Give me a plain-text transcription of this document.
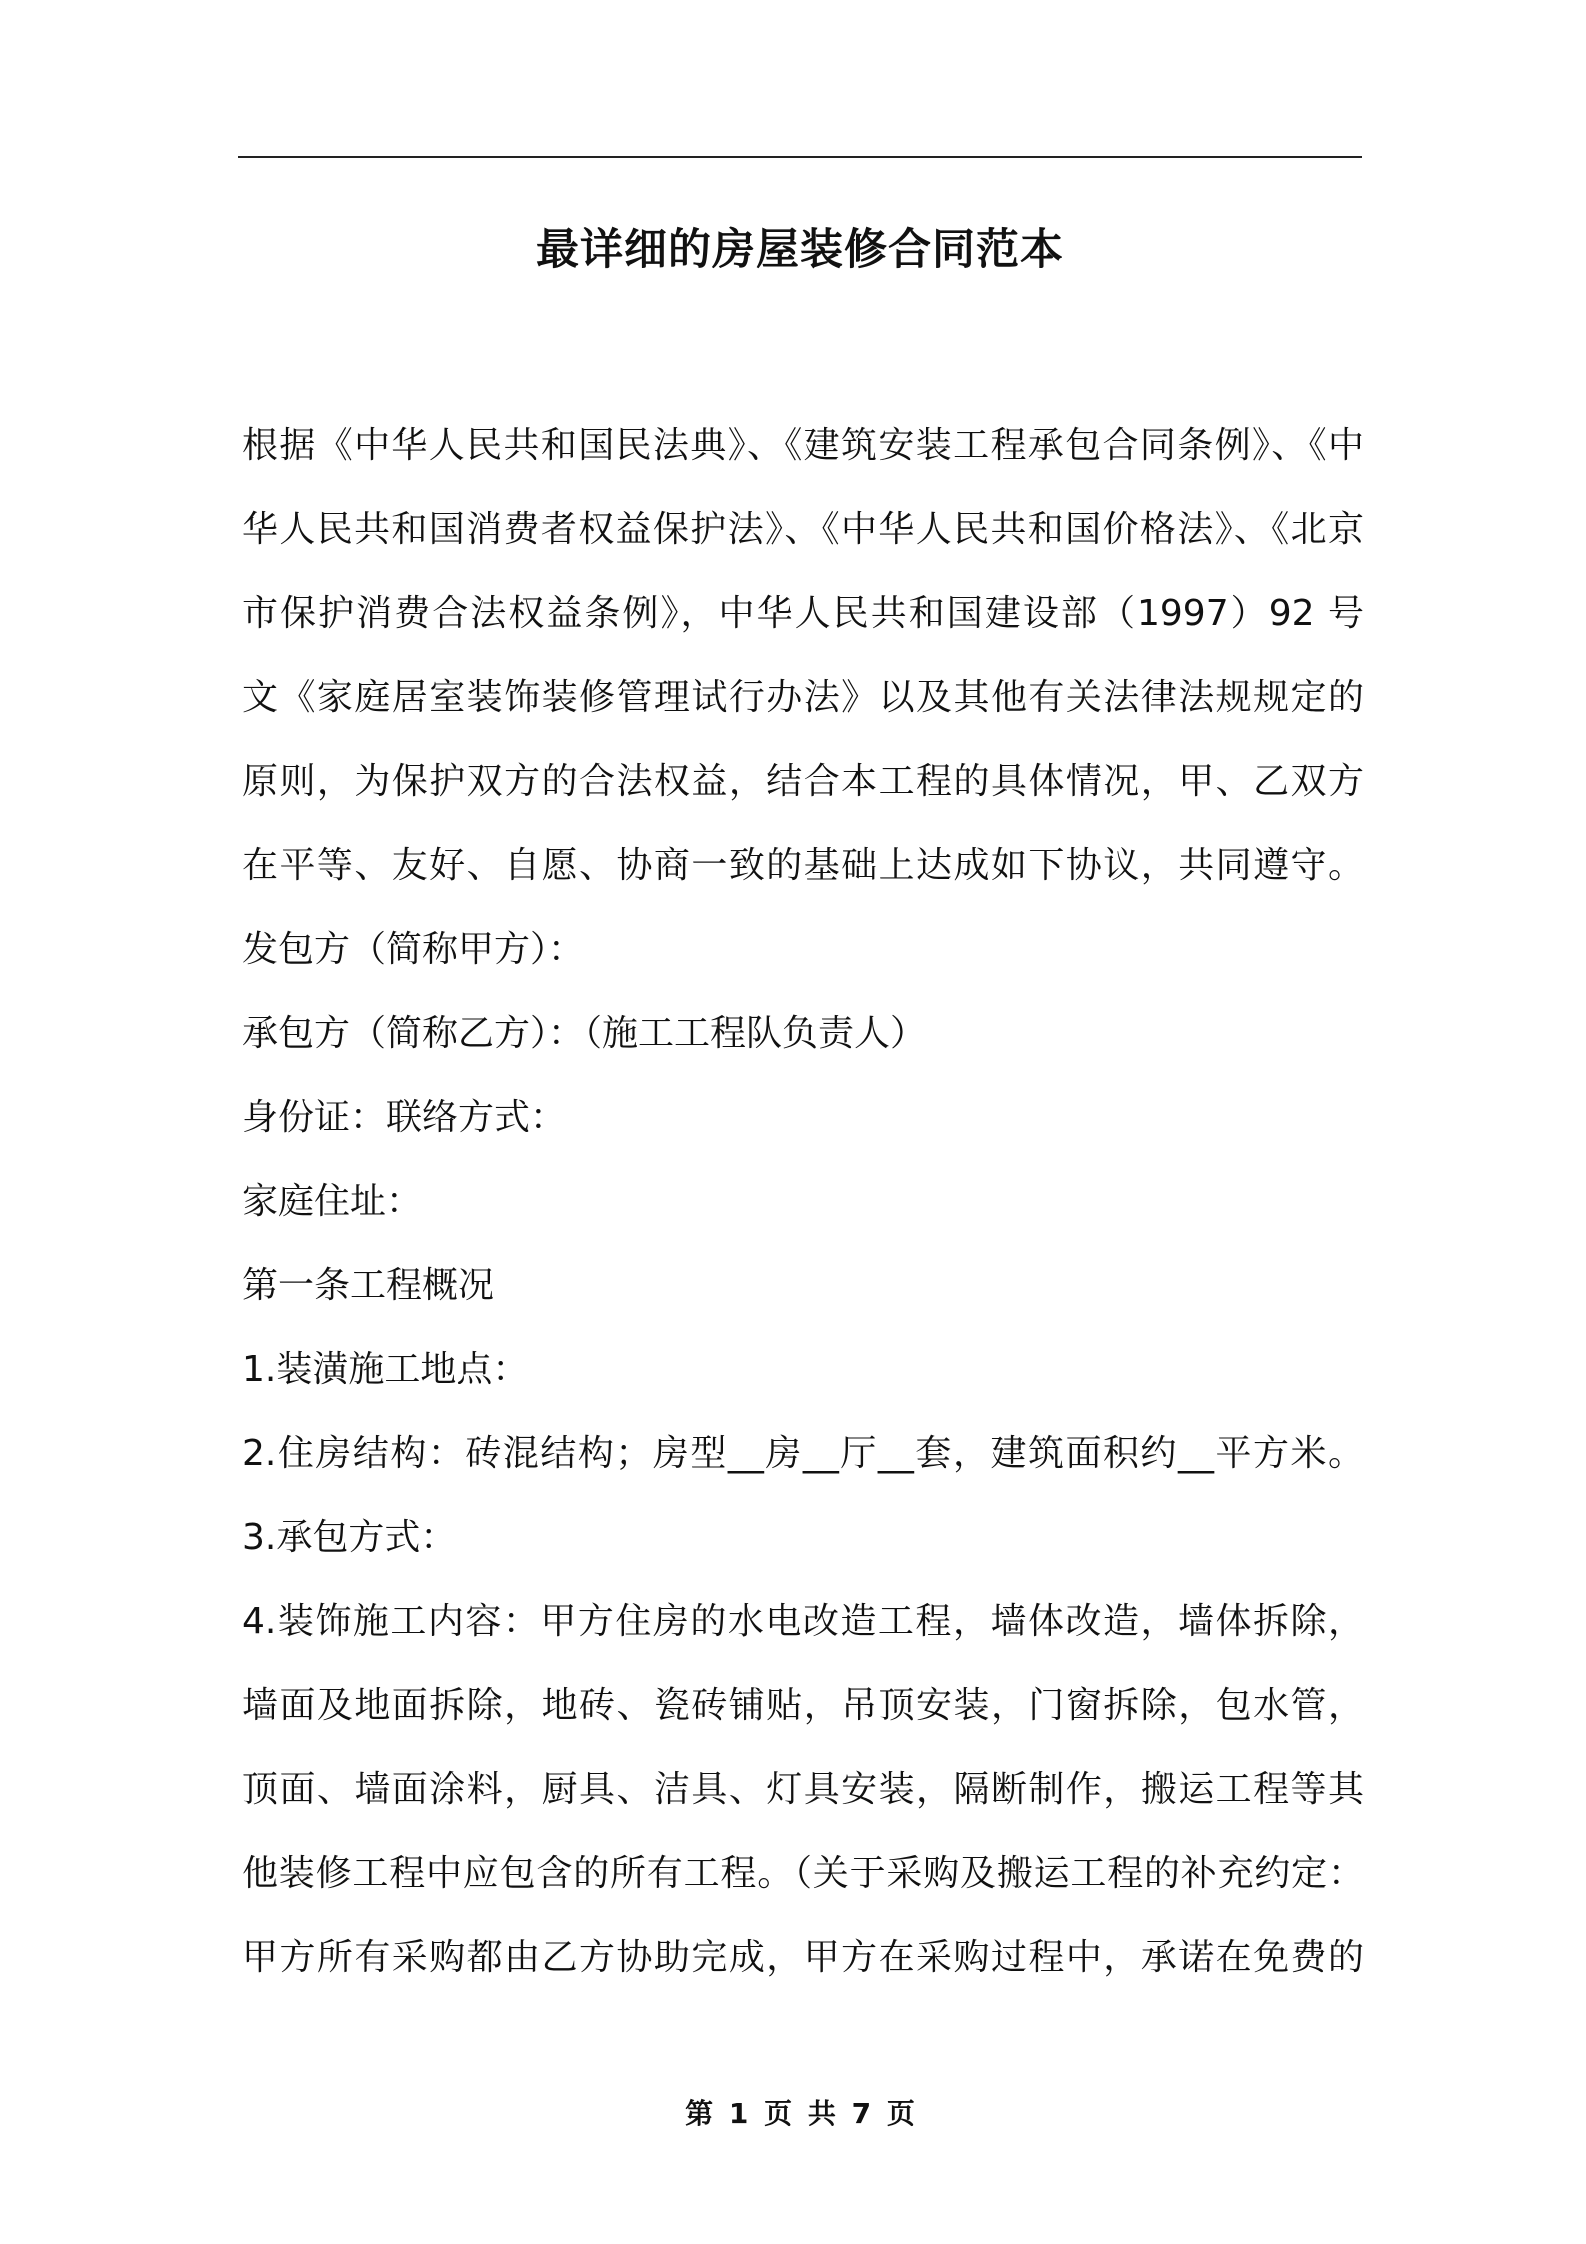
最详细的房屋装修合同范本
根据《中华人民共和国民法典》、《建筑安装工程承包合同条例》、《中
华人民共和国消费者权益保护法》、《中华人民共和国价格法》、《北京
市保护消费合法权益条例》，中华人民共和国建设部（1997）92 号
文《家庭居室装饰装修管理试行办法》以及其他有关法律法规规定的
原则，为保护双方的合法权益，结合本工程的具体情况，甲、乙双方
在平等、友好、自愿、协商一致的基础上达成如下协议，共同遵守。
发包方（简称甲方）：
承包方（简称乙方）：（施工工程队负责人）
身份证：联络方式：
家庭住址：
第一条工程概况
1.装潢施工地点：
2.住房结构：砖混结构；房型__房__厅__套，建筑面积约__平方米。
3.承包方式：
4.装饰施工内容：甲方住房的水电改造工程，墙体改造，墙体拆除，
墙面及地面拆除，地砖、瓷砖铺贴，吊顶安装，门窗拆除，包水管，
顶面、墙面涂料，厨具、洁具、灯具安装，隔断制作，搬运工程等其
他装修工程中应包含的所有工程。（关于采购及搬运工程的补充约定：
甲方所有采购都由乙方协助完成，甲方在采购过程中，承诺在免费的
第 1 页 共 7 页
